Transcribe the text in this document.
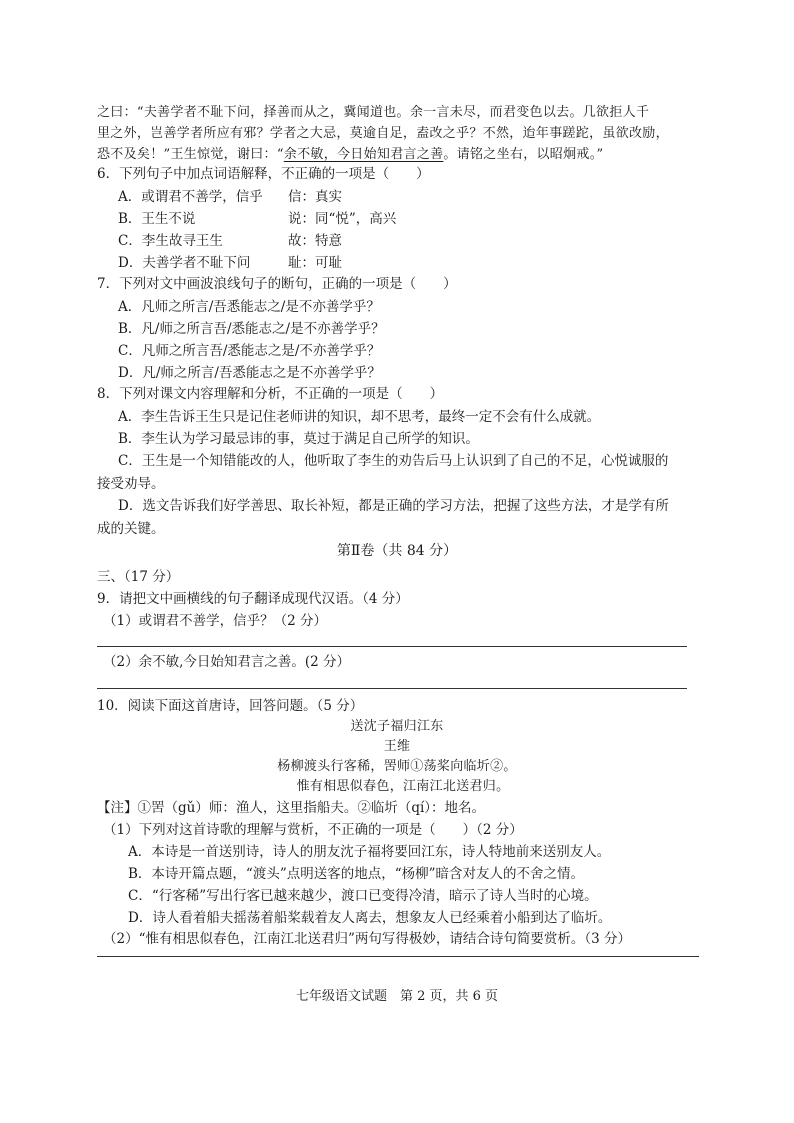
之曰：“夫善学者不耻下问，择善而从之，冀闻道也。余一言未尽，而君变色以去。几欲拒人千
里之外，岂善学者所应有邪？学者之大忌，莫逾自足，盍改之乎？不然，迨年事蹉跎，虽欲改励，
恐不及矣！”王生惊觉，谢曰：“余不敏，今日始知君言之善。请铭之坐右，以昭炯戒。”
6．下列句子中加点词语解释，不正确的一项是（　　）
A．或谓君不善学，信乎 信：真实
B．王生不说	说：同“悦”，高兴
C．李生故寻王生	故：特意
D．夫善学者不耻下问	耻：可耻
7．下列对文中画波浪线句子的断句，正确的一项是（　　）
A．凡师之所言/吾悉能志之/是不亦善学乎？
B．凡/师之所言吾/悉能志之/是不亦善学乎？
C．凡师之所言吾/悉能志之是/不亦善学乎？
D．凡/师之所言/吾悉能志之是不亦善学乎？
8．下列对课文内容理解和分析，不正确的一项是（　　）
A．李生告诉王生只是记住老师讲的知识，却不思考，最终一定不会有什么成就。
B．李生认为学习最忌讳的事，莫过于满足自己所学的知识。
C．王生是一个知错能改的人，他听取了李生的劝告后马上认识到了自己的不足，心悦诚服的
接受劝导。
D．选文告诉我们好学善思、取长补短，都是正确的学习方法，把握了这些方法，才是学有所
成的关键。
第Ⅱ卷（共 84 分）
三、（17 分）
9．请把文中画横线的句子翻译成现代汉语。（4 分）
（1）或谓君不善学，信乎？（2 分）
（2）余不敏,今日始知君言之善。(2 分）
10．阅读下面这首唐诗，回答问题。（5 分）
送沈子福归江东
王维
杨柳渡头行客稀，罟师①荡桨向临圻②。
惟有相思似春色，江南江北送君归。
【注】①罟（gǔ）师：渔人，这里指船夫。②临圻（qí）：地名。
（1）下列对这首诗歌的理解与赏析，不正确的一项是（　　）（2 分）
A．本诗是一首送别诗，诗人的朋友沈子福将要回江东，诗人特地前来送别友人。
B．本诗开篇点题，“渡头”点明送客的地点，“杨柳”暗含对友人的不舍之情。
C．“行客稀”写出行客已越来越少，渡口已变得冷清，暗示了诗人当时的心境。
D．诗人看着船夫摇荡着船桨载着友人离去，想象友人已经乘着小船到达了临圻。
（2）“惟有相思似春色，江南江北送君归”两句写得极妙，请结合诗句简要赏析。（3 分）
七年级语文试题　第 2 页，共 6 页
